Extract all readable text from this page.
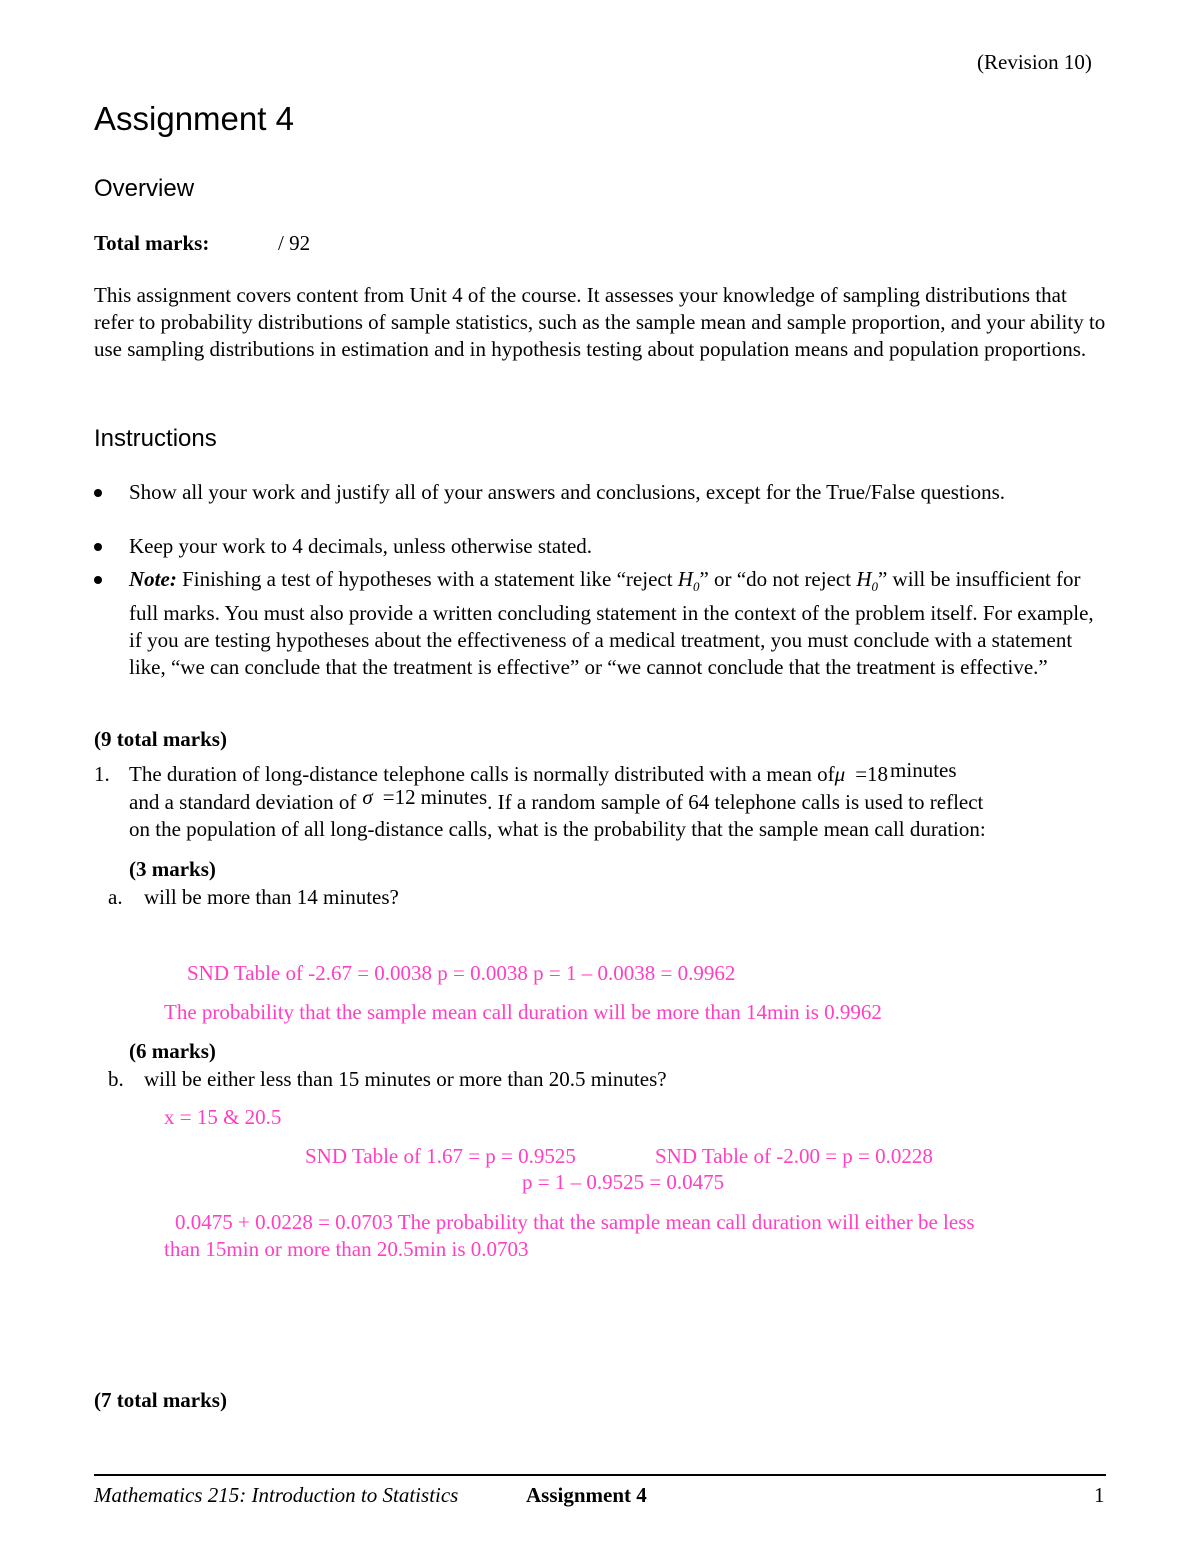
(Revision 10)
Assignment 4
Overview
Total marks:	/ 92

This assignment covers content from Unit 4 of the course. It assesses your knowledge of sampling distributions that refer to probability distributions of sample statistics, such as the sample mean and sample proportion, and your ability to use sampling distributions in estimation and in hypothesis testing about population means and population proportions.

Instructions

Show all your work and justify all of your answers and conclusions, except for the True/False questions.

Keep your work to 4 decimals, unless otherwise stated.

Note: Finishing a test of hypotheses with a statement like “reject $H_0$” or “do not reject $H_0$” will be insufficient for full marks. You must also provide a written concluding statement in the context of the problem itself. For example, if you are testing hypotheses about the effectiveness of a medical treatment, you must conclude with a statement like, “we can conclude that the treatment is effective” or “we cannot conclude that the treatment is effective.”

(9 total marks)
1. The duration of long-distance telephone calls is normally distributed with a mean ofμ =18minutes
and a standard deviation of σ =12 minutes. If a random sample of 64 telephone calls is used to reflect
on the population of all long-distance calls, what is the probability that the sample mean call duration:
(3 marks)
a. will be more than 14 minutes?
SND Table of -2.67 = 0.0038 p = 0.0038 p = 1 – 0.0038 = 0.9962
The probability that the sample mean call duration will be more than 14min is 0.9962
(6 marks)
b. will be either less than 15 minutes or more than 20.5 minutes?
x = 15 & 20.5
SND Table of 1.67 = p = 0.9525	SND Table of -2.00 = p = 0.0228
p = 1 – 0.9525 = 0.0475
0.0475 + 0.0228 = 0.0703 The probability that the sample mean call duration will either be less
than 15min or more than 20.5min is 0.0703
(7 total marks)
Mathematics 215: Introduction to Statistics	Assignment 4	1
